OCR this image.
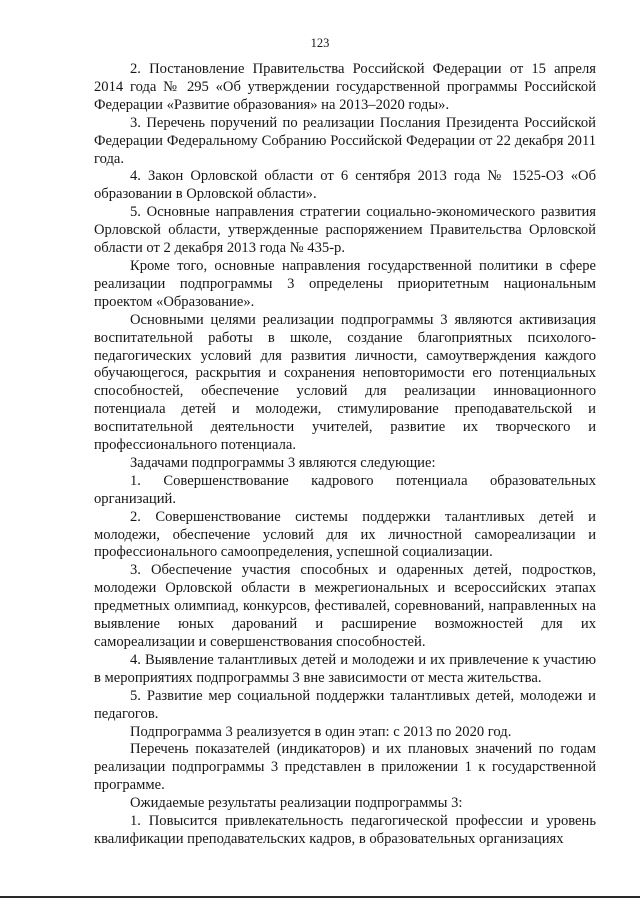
123

2. Постановление Правительства Российской Федерации от 15 апреля 2014 года № 295 «Об утверждении государственной программы Российской Федерации «Развитие образования» на 2013–2020 годы».

3. Перечень поручений по реализации Послания Президента Российской Федерации Федеральному Собранию Российской Федерации от 22 декабря 2011 года.

4. Закон Орловской области от 6 сентября 2013 года № 1525-ОЗ «Об образовании в Орловской области».

5. Основные направления стратегии социально-экономического развития Орловской области, утвержденные распоряжением Правительства Орловской области от 2 декабря 2013 года № 435-р.

Кроме того, основные направления государственной политики в сфере реализации подпрограммы 3 определены приоритетным национальным проектом «Образование».

Основными целями реализации подпрограммы 3 являются активизация воспитательной работы в школе, создание благоприятных психолого-педагогических условий для развития личности, самоутверждения каждого обучающегося, раскрытия и сохранения неповторимости его потенциальных способностей, обеспечение условий для реализации инновационного потенциала детей и молодежи, стимулирование преподавательской и воспитательной деятельности учителей, развитие их творческого и профессионального потенциала.

Задачами подпрограммы 3 являются следующие:

1. Совершенствование кадрового потенциала образовательных организаций.

2. Совершенствование системы поддержки талантливых детей и молодежи, обеспечение условий для их личностной самореализации и профессионального самоопределения, успешной социализации.

3. Обеспечение участия способных и одаренных детей, подростков, молодежи Орловской области в межрегиональных и всероссийских этапах предметных олимпиад, конкурсов, фестивалей, соревнований, направленных на выявление юных дарований и расширение возможностей для их самореализации и совершенствования способностей.

4. Выявление талантливых детей и молодежи и их привлечение к участию в мероприятиях подпрограммы 3 вне зависимости от места жительства.

5. Развитие мер социальной поддержки талантливых детей, молодежи и педагогов.

Подпрограмма 3 реализуется в один этап: с 2013 по 2020 год.

Перечень показателей (индикаторов) и их плановых значений по годам реализации подпрограммы 3 представлен в приложении 1 к государственной программе.

Ожидаемые результаты реализации подпрограммы 3:

1. Повысится привлекательность педагогической профессии и уровень квалификации преподавательских кадров, в образовательных организациях
